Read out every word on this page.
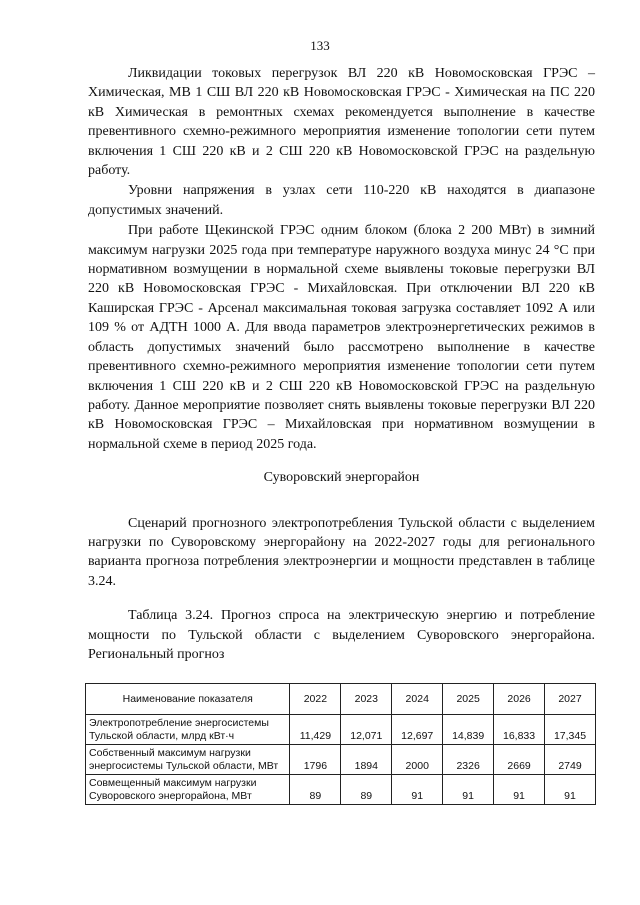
133

Ликвидации токовых перегрузок ВЛ 220 кВ Новомосковская ГРЭС – Химическая, МВ 1 СШ ВЛ 220 кВ Новомосковская ГРЭС - Химическая на ПС 220 кВ Химическая в ремонтных схемах рекомендуется выполнение в качестве превентивного схемно-режимного мероприятия изменение топологии сети путем включения 1 СШ 220 кВ и 2 СШ 220 кВ Новомосковской ГРЭС на раздельную работу.

Уровни напряжения в узлах сети 110-220 кВ находятся в диапазоне допустимых значений.

При работе Щекинской ГРЭС одним блоком (блока 2 200 МВт) в зимний максимум нагрузки 2025 года при температуре наружного воздуха минус 24 °С при нормативном возмущении в нормальной схеме выявлены токовые перегрузки ВЛ 220 кВ Новомосковская ГРЭС - Михайловская. При отключении ВЛ 220 кВ Каширская ГРЭС - Арсенал максимальная токовая загрузка составляет 1092 А или 109 % от АДТН 1000 А. Для ввода параметров электроэнергетических режимов в область допустимых значений было рассмотрено выполнение в качестве превентивного схемно-режимного мероприятия изменение топологии сети путем включения 1 СШ 220 кВ и 2 СШ 220 кВ Новомосковской ГРЭС на раздельную работу. Данное мероприятие позволяет снять выявлены токовые перегрузки ВЛ 220 кВ Новомосковская ГРЭС – Михайловская при нормативном возмущении в нормальной схеме в период 2025 года.

Суворовский энергорайон

Сценарий прогнозного электропотребления Тульской области с выделением нагрузки по Суворовскому энергорайону на 2022-2027 годы для регионального варианта прогноза потребления электроэнергии и мощности представлен в таблице 3.24.

Таблица 3.24. Прогноз спроса на электрическую энергию и потребление мощности по Тульской области с выделением Суворовского энергорайона. Региональный прогноз

Наименование показателя	2022	2023	2024	2025	2026	2027
Электропотребление энергосистемы Тульской области, млрд кВт·ч	11,429	12,071	12,697	14,839	16,833	17,345
Собственный максимум нагрузки энергосистемы Тульской области, МВт	1796	1894	2000	2326	2669	2749
Совмещенный максимум нагрузки Суворовского энергорайона, МВт	89	89	91	91	91	91
